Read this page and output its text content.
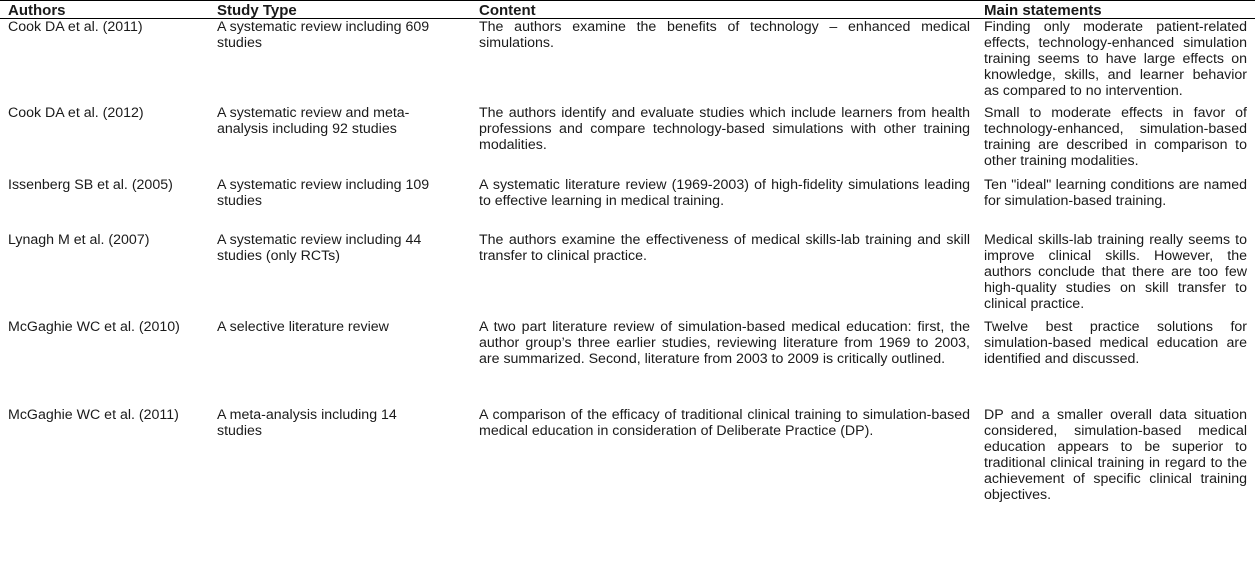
Authors	Study Type	Content	Main statements
Cook DA et al. (2011)	A systematic review including 609 studies	The authors examine the benefits of technology – enhanced medical simulations.	Finding only moderate patient-related effects, technology-enhanced simulation training seems to have large effects on knowledge, skills, and learner behavior as compared to no intervention.
Cook DA et al. (2012)	A systematic review and meta-analysis including 92 studies	The authors identify and evaluate studies which include learners from health professions and compare technology-based simulations with other training modalities.	Small to moderate effects in favor of technology-enhanced, simulation-based training are described in comparison to other training modalities.
Issenberg SB et al. (2005)	A systematic review including 109 studies	A systematic literature review (1969-2003) of high-fidelity simulations leading to effective learning in medical training.	Ten "ideal" learning conditions are named for simulation-based training.
Lynagh M et al. (2007)	A systematic review including 44 studies (only RCTs)	The authors examine the effectiveness of medical skills-lab training and skill transfer to clinical practice.	Medical skills-lab training really seems to improve clinical skills. However, the authors conclude that there are too few high-quality studies on skill transfer to clinical practice.
McGaghie WC et al. (2010)	A selective literature review	A two part literature review of simulation-based medical education: first, the author group’s three earlier studies, reviewing literature from 1969 to 2003, are summarized. Second, literature from 2003 to 2009 is critically outlined.	Twelve best practice solutions for simulation-based medical education are identified and discussed.
McGaghie WC et al. (2011)	A meta-analysis including 14 studies	A comparison of the efficacy of traditional clinical training to simulation-based medical education in consideration of Deliberate Practice (DP).	DP and a smaller overall data situation considered, simulation-based medical education appears to be superior to traditional clinical training in regard to the achievement of specific clinical training objectives.
